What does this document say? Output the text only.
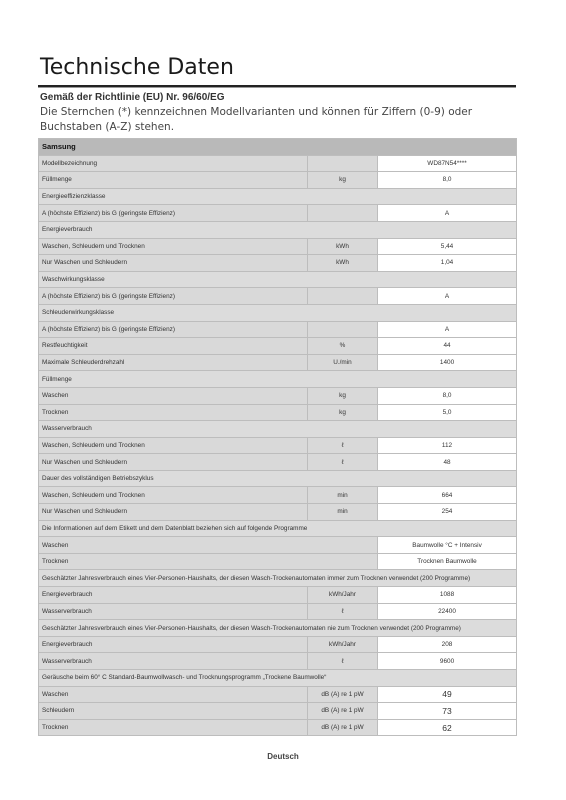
Technische Daten
Gemäß der Richtlinie (EU) Nr. 96/60/EG
Die Sternchen (*) kennzeichnen Modellvarianten und können für Ziffern (0-9) oder Buchstaben (A-Z) stehen.
Samsung		
Modellbezeichnung		WD87N54****
Füllmenge	kg	8,0
Energieeffizienzklasse		
A (höchste Effizienz) bis G (geringste Effizienz)		A
Energieverbrauch		
Waschen, Schleudern und Trocknen	kWh	5,44
Nur Waschen und Schleudern	kWh	1,04
Waschwirkungsklasse		
A (höchste Effizienz) bis G (geringste Effizienz)		A
Schleuderwirkungsklasse		
A (höchste Effizienz) bis G (geringste Effizienz)		A
Restfeuchtigkeit	%	44
Maximale Schleuderdrehzahl	U./min	1400
Füllmenge		
Waschen	kg	8,0
Trocknen	kg	5,0
Wasserverbrauch		
Waschen, Schleudern und Trocknen	ℓ	112
Nur Waschen und Schleudern	ℓ	48
Dauer des vollständigen Betriebszyklus		
Waschen, Schleudern und Trocknen	min	664
Nur Waschen und Schleudern	min	254
Die Informationen auf dem Etikett und dem Datenblatt beziehen sich auf folgende Programme		
Waschen		Baumwolle °C + Intensiv
Trocknen		Trocknen Baumwolle
Geschätzter Jahresverbrauch eines Vier-Personen-Haushalts, der diesen Wasch-Trockenautomaten immer zum Trocknen verwendet (200 Programme)		
Energieverbrauch	kWh/Jahr	1088
Wasserverbrauch	ℓ	22400
Geschätzter Jahresverbrauch eines Vier-Personen-Haushalts, der diesen Wasch-Trockenautomaten nie zum Trocknen verwendet (200 Programme)		
Energieverbrauch	kWh/Jahr	208
Wasserverbrauch	ℓ	9600
Geräusche beim 60° C Standard-Baumwollwasch- und Trocknungsprogramm „Trockene Baumwolle“		
Waschen	dB (A) re 1 pW	49
Schleudern	dB (A) re 1 pW	73
Trocknen	dB (A) re 1 pW	62
Deutsch
